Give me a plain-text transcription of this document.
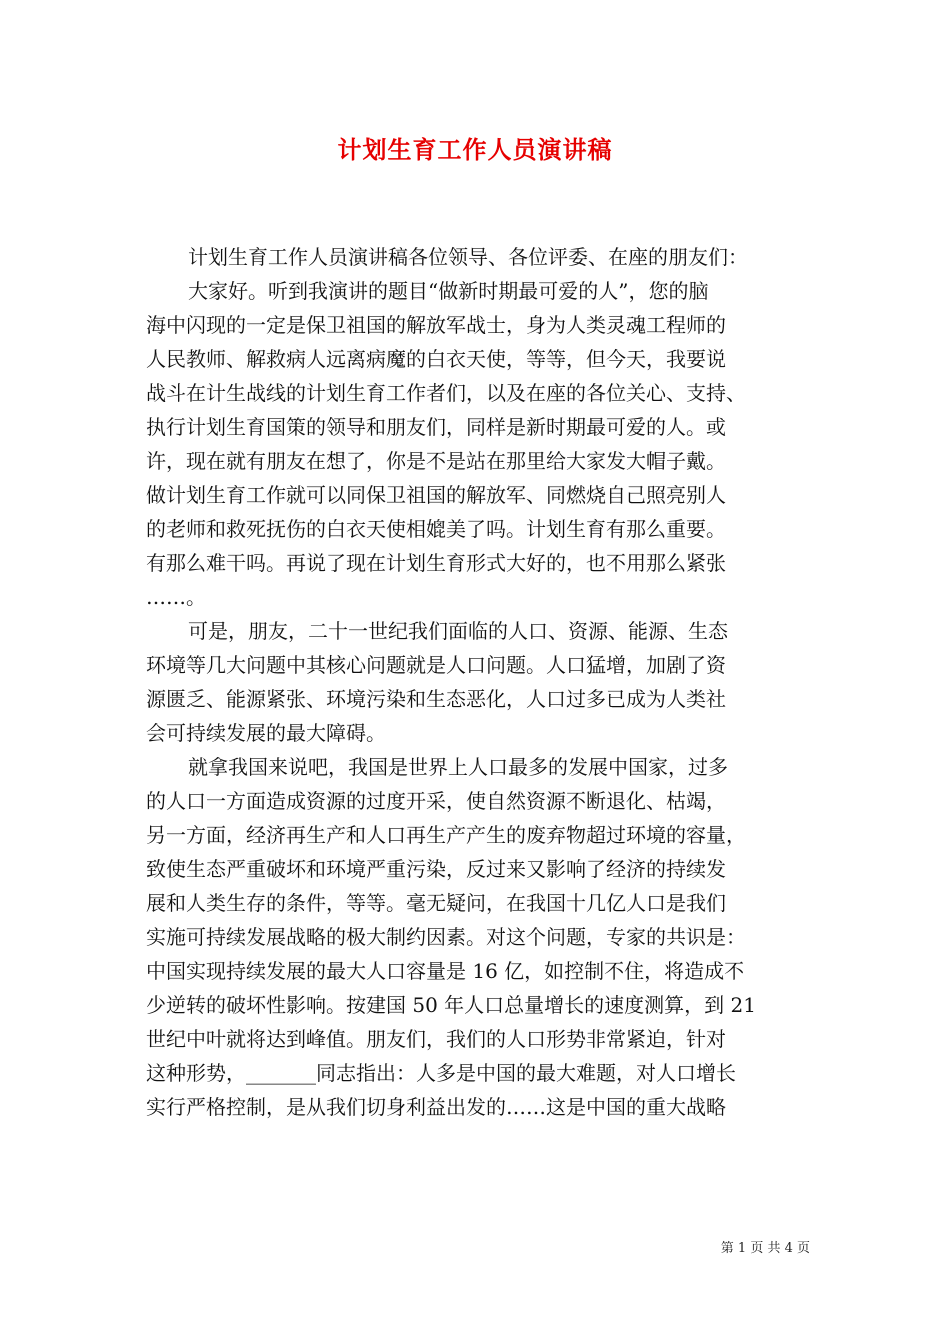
计划生育工作人员演讲稿
计划生育工作人员演讲稿各位领导、各位评委、在座的朋友们：
大家好。听到我演讲的题目“做新时期最可爱的人”，您的脑
海中闪现的一定是保卫祖国的解放军战士，身为人类灵魂工程师的
人民教师、解救病人远离病魔的白衣天使，等等，但今天，我要说
战斗在计生战线的计划生育工作者们，以及在座的各位关心、支持、
执行计划生育国策的领导和朋友们，同样是新时期最可爱的人。或
许，现在就有朋友在想了，你是不是站在那里给大家发大帽子戴。
做计划生育工作就可以同保卫祖国的解放军、同燃烧自己照亮别人
的老师和救死抚伤的白衣天使相媲美了吗。计划生育有那么重要。
有那么难干吗。再说了现在计划生育形式大好的，也不用那么紧张
……。
可是，朋友，二十一世纪我们面临的人口、资源、能源、生态
环境等几大问题中其核心问题就是人口问题。人口猛增，加剧了资
源匮乏、能源紧张、环境污染和生态恶化，人口过多已成为人类社
会可持续发展的最大障碍。
就拿我国来说吧，我国是世界上人口最多的发展中国家，过多
的人口一方面造成资源的过度开采，使自然资源不断退化、枯竭，
另一方面，经济再生产和人口再生产产生的废弃物超过环境的容量，
致使生态严重破坏和环境严重污染，反过来又影响了经济的持续发
展和人类生存的条件，等等。毫无疑问，在我国十几亿人口是我们
实施可持续发展战略的极大制约因素。对这个问题，专家的共识是：
中国实现持续发展的最大人口容量是 16 亿，如控制不住，将造成不
少逆转的破坏性影响。按建国 50 年人口总量增长的速度测算，到 21
世纪中叶就将达到峰值。朋友们，我们的人口形势非常紧迫，针对
这种形势，_______同志指出：人多是中国的最大难题，对人口增长
实行严格控制，是从我们切身利益出发的……这是中国的重大战略
第 1 页 共 4 页
